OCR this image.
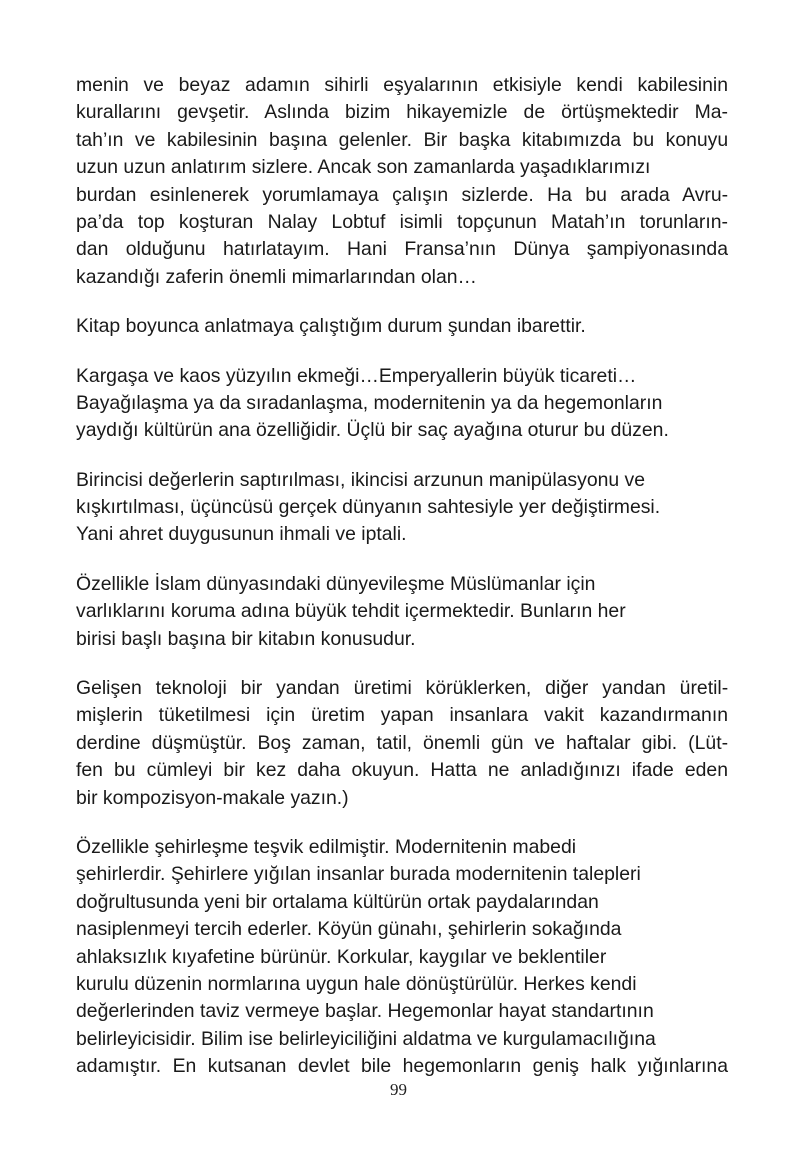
menin ve beyaz adamın sihirli eşyalarının etkisiyle kendi kabilesinin
kurallarını gevşetir. Aslında bizim hikayemizle de örtüşmektedir Ma-
tah’ın ve kabilesinin başına gelenler. Bir başka kitabımızda bu konuyu
uzun uzun anlatırım sizlere. Ancak son zamanlarda yaşadıklarımızı
burdan esinlenerek yorumlamaya çalışın sizlerde. Ha bu arada Avru-
pa’da top koşturan Nalay Lobtuf isimli topçunun Matah’ın torunların-
dan olduğunu hatırlatayım. Hani Fransa’nın Dünya şampiyonasında
kazandığı zaferin önemli mimarlarından olan…
Kitap boyunca anlatmaya çalıştığım durum şundan ibarettir.
Kargaşa ve kaos yüzyılın ekmeği…Emperyallerin büyük ticareti…
Bayağılaşma ya da sıradanlaşma, modernitenin ya da hegemonların
yaydığı kültürün ana özelliğidir. Üçlü bir saç ayağına oturur bu düzen.
Birincisi değerlerin saptırılması, ikincisi arzunun manipülasyonu ve
kışkırtılması, üçüncüsü gerçek dünyanın sahtesiyle yer değiştirmesi.
Yani ahret duygusunun ihmali ve iptali.
Özellikle İslam dünyasındaki dünyevileşme Müslümanlar için
varlıklarını koruma adına büyük tehdit içermektedir. Bunların her
birisi başlı başına bir kitabın konusudur.
Gelişen teknoloji bir yandan üretimi körüklerken, diğer yandan üretil-
mişlerin tüketilmesi için üretim yapan insanlara vakit kazandırmanın
derdine düşmüştür. Boş zaman, tatil, önemli gün ve haftalar gibi. (Lüt-
fen bu cümleyi bir kez daha okuyun. Hatta ne anladığınızı ifade eden
bir kompozisyon-makale yazın.)
Özellikle şehirleşme teşvik edilmiştir. Modernitenin mabedi
şehirlerdir. Şehirlere yığılan insanlar burada modernitenin talepleri
doğrultusunda yeni bir ortalama kültürün ortak paydalarından
nasiplenmeyi tercih ederler. Köyün günahı, şehirlerin sokağında
ahlaksızlık kıyafetine bürünür. Korkular, kaygılar ve beklentiler
kurulu düzenin normlarına uygun hale dönüştürülür. Herkes kendi
değerlerinden taviz vermeye başlar. Hegemonlar hayat standartının
belirleyicisidir. Bilim ise belirleyiciliğini aldatma ve kurgulamacılığına
adamıştır. En kutsanan devlet bile hegemonların geniş halk yığınlarına
99
